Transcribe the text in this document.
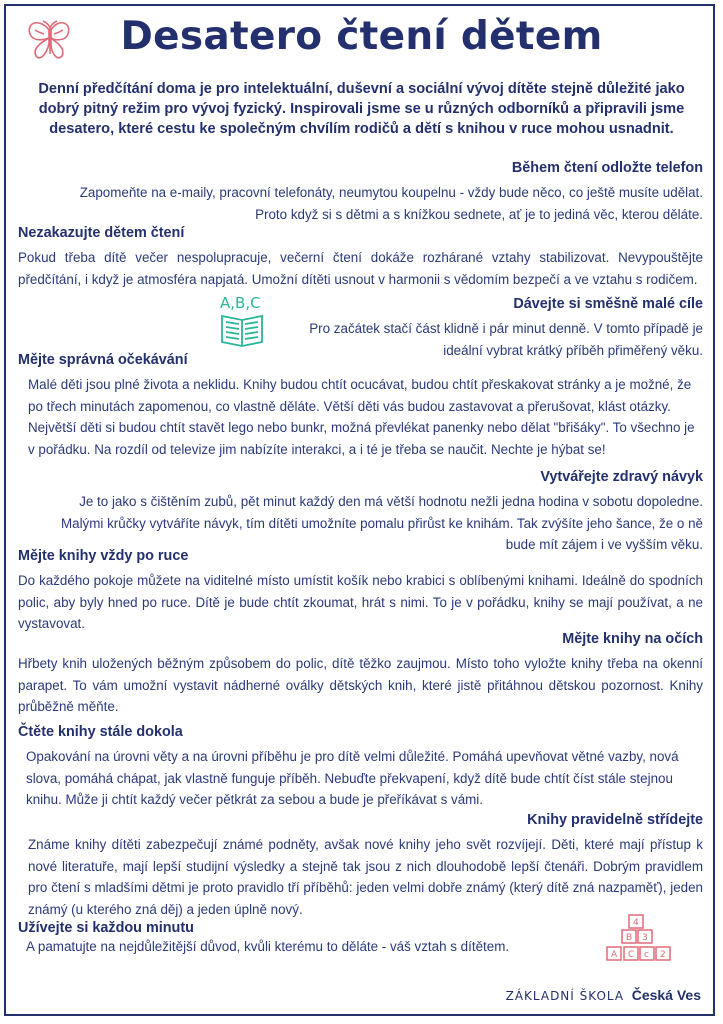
Desatero čtení dětem

Denní předčítání doma je pro intelektuální, duševní a sociální vývoj dítěte stejně důležité jako dobrý pitný režim pro vývoj fyzický. Inspirovali jsme se u různých odborníků a připravili jsme desatero, které cestu ke společným chvílím rodičů a dětí s knihou v ruce mohou usnadnit.

Během čtení odložte telefon

Zapomeňte na e-maily, pracovní telefonáty, neumytou koupelnu - vždy bude něco, co ještě musíte udělat. Proto když si s dětmi a s knížkou sednete, ať je to jediná věc, kterou děláte.

Nezakazujte dětem čtení

Pokud třeba dítě večer nespolupracuje, večerní čtení dokáže rozhárané vztahy stabilizovat. Nevypouštějte předčítání, i když je atmosféra napjatá. Umožní dítěti usnout v harmonii s vědomím bezpečí a ve vztahu s rodičem.

A,B,C	Dávejte si směšně malé cíle

Pro začátek stačí část klidně i pár minut denně. V tomto případě je ideální vybrat krátký příběh přiměřený věku.

Mějte správná očekávání

Malé děti jsou plné života a neklidu. Knihy budou chtít ocucávat, budou chtít přeskakovat stránky a je možné, že po třech minutách zapomenou, co vlastně děláte. Větší děti vás budou zastavovat a přerušovat, klást otázky. Největší děti si budou chtít stavět lego nebo bunkr, možná převlékat panenky nebo dělat "břišáky". To všechno je v pořádku. Na rozdíl od televize jim nabízíte interakci, a i té je třeba se naučit. Nechte je hýbat se!

Vytvářejte zdravý návyk

Je to jako s čištěním zubů, pět minut každý den má větší hodnotu nežli jedna hodina v sobotu dopoledne. Malými krůčky vytváříte návyk, tím dítěti umožníte pomalu přirůst ke knihám. Tak zvýšíte jeho šance, že o ně bude mít zájem i ve vyšším věku.

Mějte knihy vždy po ruce

Do každého pokoje můžete na viditelné místo umístit košík nebo krabici s oblíbenými knihami. Ideálně do spodních polic, aby byly hned po ruce. Dítě je bude chtít zkoumat, hrát s nimi. To je v pořádku, knihy se mají používat, a ne vystavovat.

Mějte knihy na očích

Hřbety knih uložených běžným způsobem do polic, dítě těžko zaujmou. Místo toho vyložte knihy třeba na okenní parapet. To vám umožní vystavit nádherné oválky dětských knih, které jistě přitáhnou dětskou pozornost. Knihy průběžně měňte.

Čtěte knihy stále dokola

Opakování na úrovni věty a na úrovni příběhu je pro dítě velmi důležité. Pomáhá upevňovat větné vazby, nová slova, pomáhá chápat, jak vlastně funguje příběh. Nebuďte překvapení, když dítě bude chtít číst stále stejnou knihu. Může ji chtít každý večer pětkrát za sebou a bude je přeříkávat s vámi.

Knihy pravidelně střídejte

Známe knihy dítěti zabezpečují známé podněty, avšak nové knihy jeho svět rozvíjejí. Děti, které mají přístup k nové literatuře, mají lepší studijní výsledky a stejně tak jsou z nich dlouhodobě lepší čtenáři. Dobrým pravidlem pro čtení s mladšími dětmi je proto pravidlo tří příběhů: jeden velmi dobře známý (který dítě zná nazpaměť), jeden známý (u kterého zná děj) a jeden úplně nový.

Užívejte si každou minutu

A pamatujte na nejdůležitější důvod, kvůli kterému to děláte - váš vztah s dítětem.

4
B 3
A C c 2
ZÁKLADNÍ ŠKOLA Česká Ves
